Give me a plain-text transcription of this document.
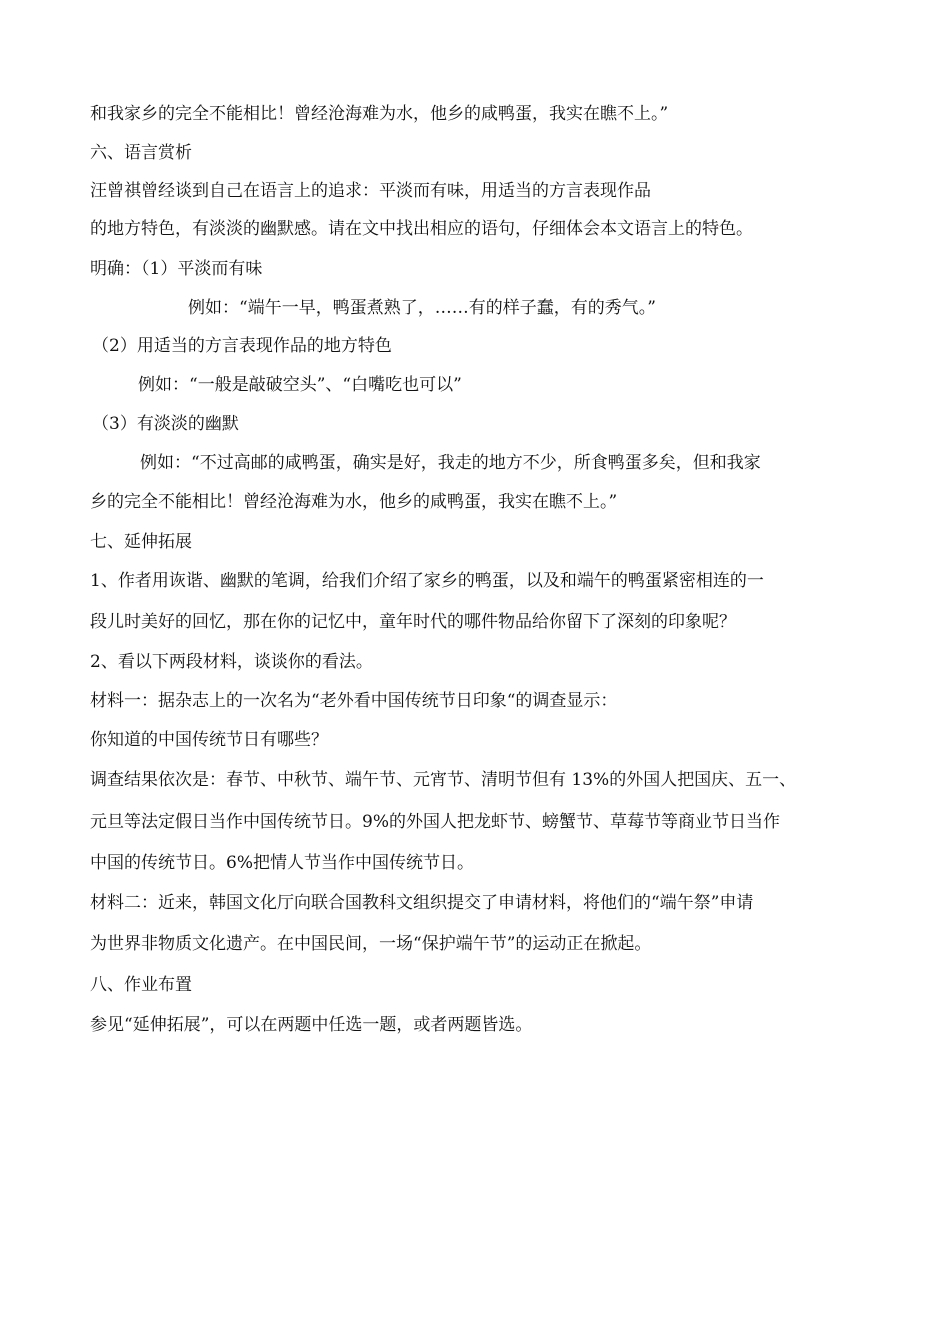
和我家乡的完全不能相比！曾经沧海难为水，他乡的咸鸭蛋，我实在瞧不上。”
六、语言赏析
汪曾祺曾经谈到自己在语言上的追求：平淡而有味，用适当的方言表现作品
的地方特色，有淡淡的幽默感。请在文中找出相应的语句，仔细体会本文语言上的特色。
明确：（1）平淡而有味
例如：“端午一早，鸭蛋煮熟了，……有的样子蠢，有的秀气。”
（2）用适当的方言表现作品的地方特色
例如：“一般是敲破空头”、“白嘴吃也可以”
（3）有淡淡的幽默
例如：“不过高邮的咸鸭蛋，确实是好，我走的地方不少，所食鸭蛋多矣，但和我家
乡的完全不能相比！曾经沧海难为水，他乡的咸鸭蛋，我实在瞧不上。”
七、延伸拓展
1、作者用诙谐、幽默的笔调，给我们介绍了家乡的鸭蛋，以及和端午的鸭蛋紧密相连的一
段儿时美好的回忆，那在你的记忆中，童年时代的哪件物品给你留下了深刻的印象呢？
2、看以下两段材料，谈谈你的看法。
材料一：据杂志上的一次名为“老外看中国传统节日印象“的调查显示：
你知道的中国传统节日有哪些？
调查结果依次是：春节、中秋节、端午节、元宵节、清明节但有 13%的外国人把国庆、五一、
元旦等法定假日当作中国传统节日。9%的外国人把龙虾节、螃蟹节、草莓节等商业节日当作
中国的传统节日。6%把情人节当作中国传统节日。
材料二：近来，韩国文化厅向联合国教科文组织提交了申请材料，将他们的“端午祭”申请
为世界非物质文化遗产。在中国民间，一场“保护端午节”的运动正在掀起。
八、作业布置
参见“延伸拓展”，可以在两题中任选一题，或者两题皆选。
